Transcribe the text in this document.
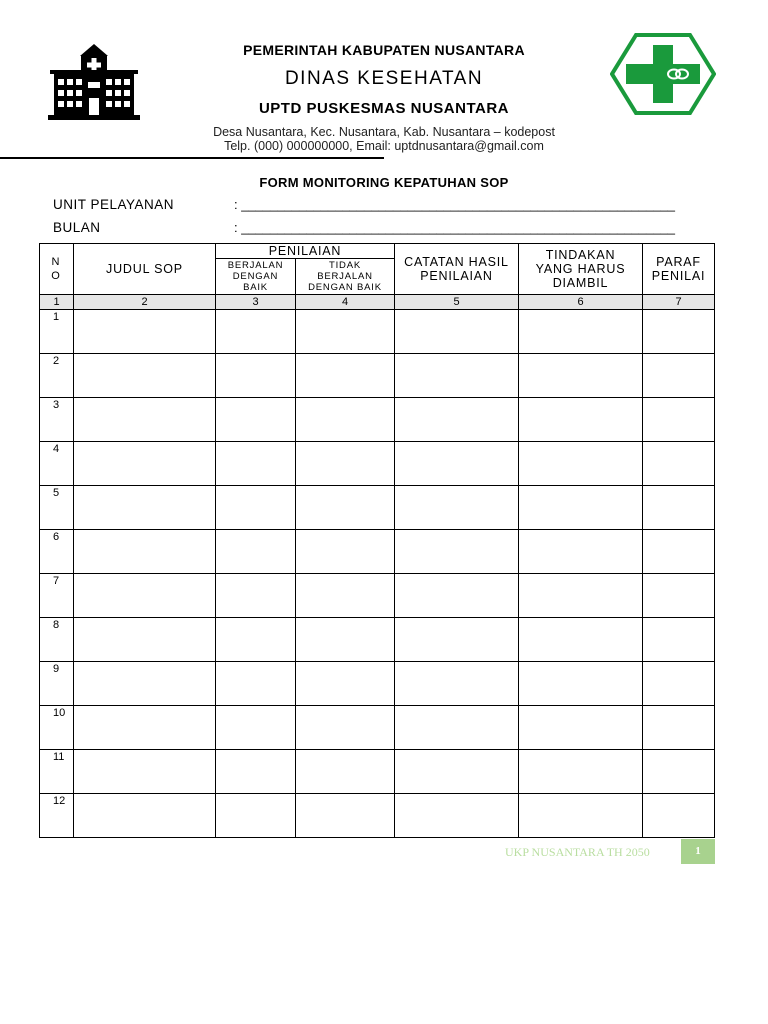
PEMERINTAH KABUPATEN NUSANTARA
DINAS KESEHATAN
UPTD PUSKESMAS NUSANTARA
Desa Nusantara, Kec. Nusantara, Kab. Nusantara – kodepost
Telp. (000) 000000000, Email: uptdnusantara@gmail.com
FORM MONITORING KEPATUHAN SOP
UNIT PELAYANAN	: ____________________________________________________________
BULAN	: ____________________________________________________________
N
O	JUDUL SOP	PENILAIAN		CATATAN HASIL PENILAIAN	TINDAKAN YANG HARUS DIAMBIL	PARAF PENILAI
		BERJALAN DENGAN BAIK	TIDAK BERJALAN DENGAN BAIK			
1	2	3	4	5	6	7
1						
2						
3						
4						
5						
6						
7						
8						
9						
10						
11						
12						
UKP NUSANTARA TH 2050	1
